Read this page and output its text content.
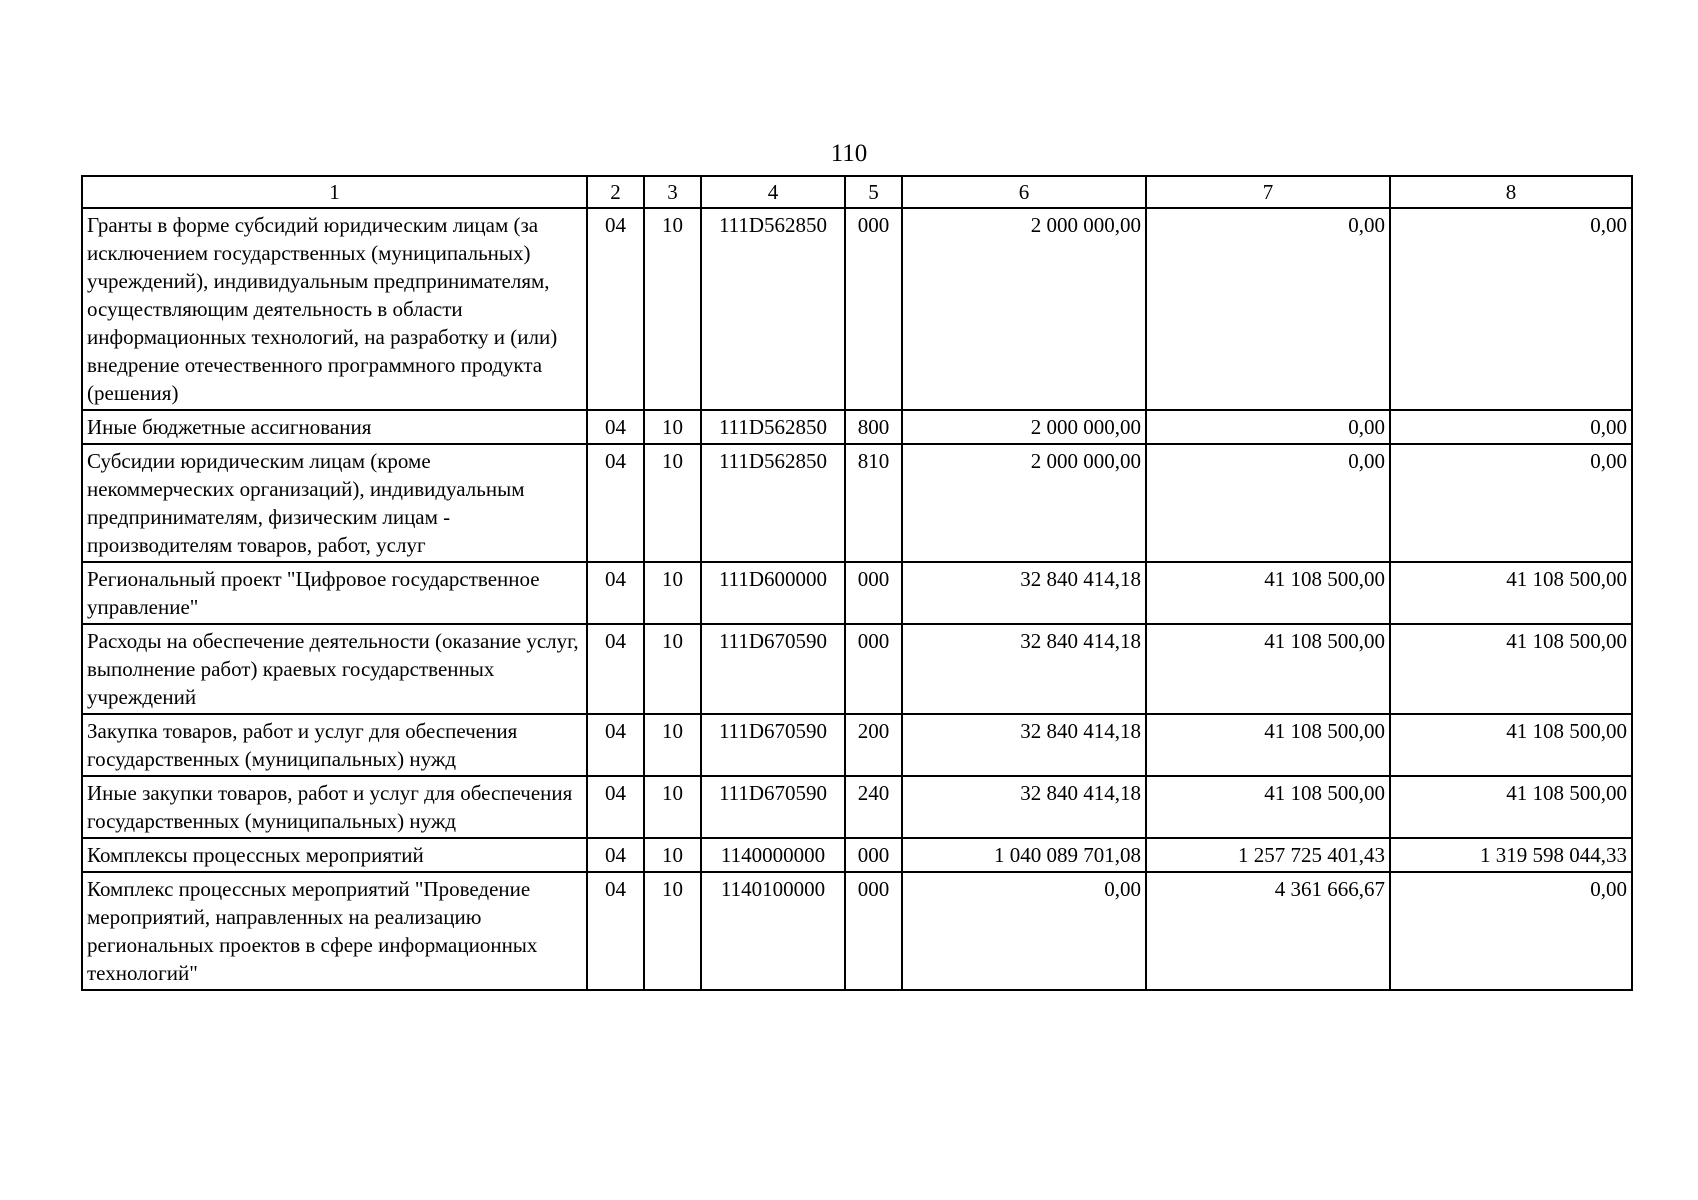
110
1	2	3	4	5	6	7	8
Гранты в форме субсидий юридическим лицам (за исключением государственных (муниципальных) учреждений), индивидуальным предпринимателям, осуществляющим деятельность в области информационных технологий, на разработку и (или) внедрение отечественного программного продукта (решения)	04	10	111D562850	000	2 000 000,00	0,00	0,00
Иные бюджетные ассигнования	04	10	111D562850	800	2 000 000,00	0,00	0,00
Субсидии юридическим лицам (кроме некоммерческих организаций), индивидуальным предпринимателям, физическим лицам - производителям товаров, работ, услуг	04	10	111D562850	810	2 000 000,00	0,00	0,00
Региональный проект "Цифровое государственное управление"	04	10	111D600000	000	32 840 414,18	41 108 500,00	41 108 500,00
Расходы на обеспечение деятельности (оказание услуг, выполнение работ) краевых государственных учреждений	04	10	111D670590	000	32 840 414,18	41 108 500,00	41 108 500,00
Закупка товаров, работ и услуг для обеспечения государственных (муниципальных) нужд	04	10	111D670590	200	32 840 414,18	41 108 500,00	41 108 500,00
Иные закупки товаров, работ и услуг для обеспечения государственных (муниципальных) нужд	04	10	111D670590	240	32 840 414,18	41 108 500,00	41 108 500,00
Комплексы процессных мероприятий	04	10	1140000000	000	1 040 089 701,08	1 257 725 401,43	1 319 598 044,33
Комплекс процессных мероприятий "Проведение мероприятий, направленных на реализацию региональных проектов в сфере информационных технологий"	04	10	1140100000	000	0,00	4 361 666,67	0,00
